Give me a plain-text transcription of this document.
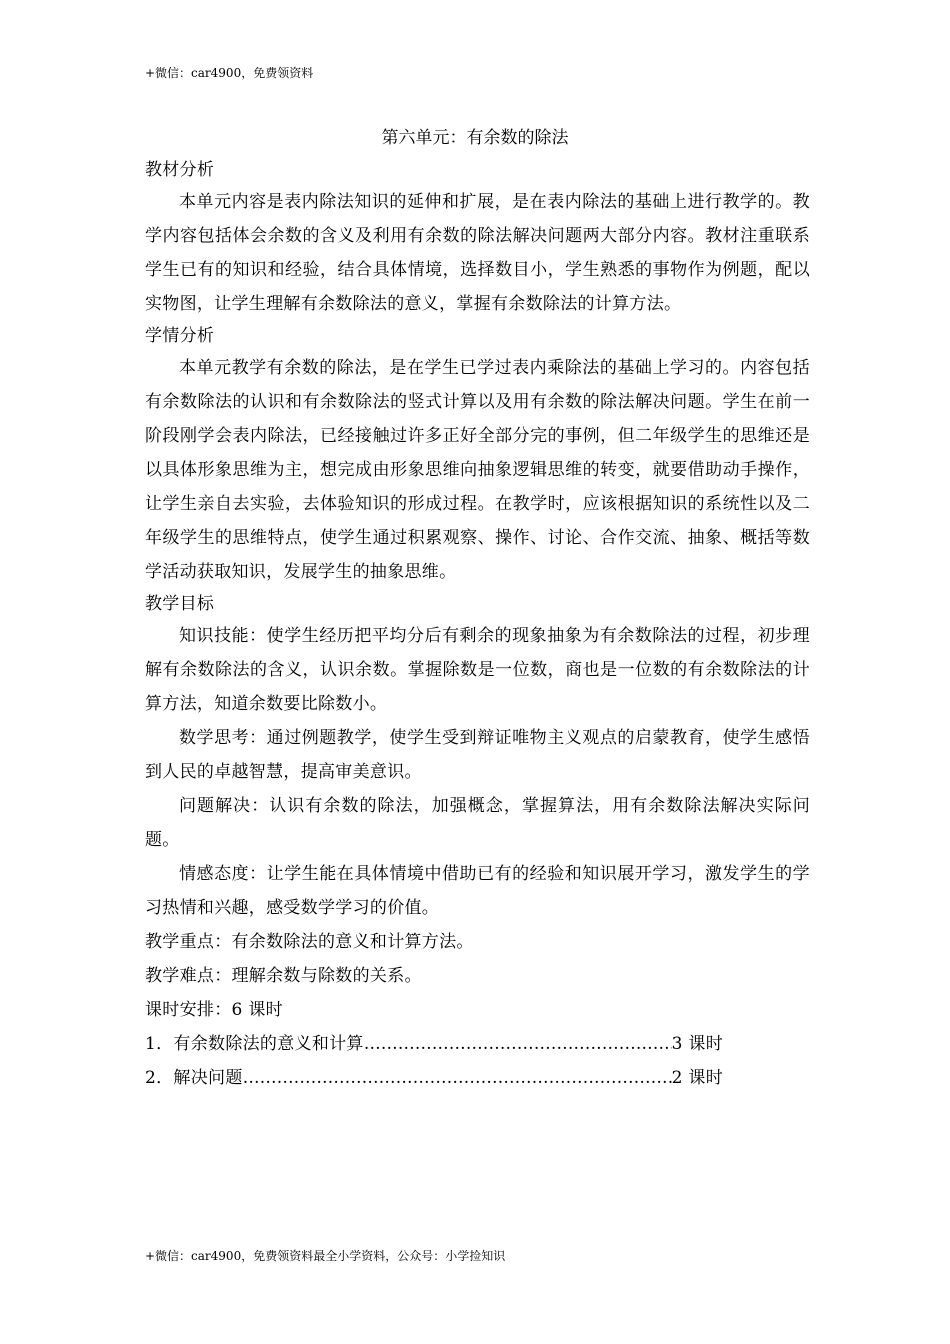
+微信：car4900，免费领资料
第六单元：有余数的除法

教材分析

本单元内容是表内除法知识的延伸和扩展，是在表内除法的基础上进行教学的。教学内容包括体会余数的含义及利用有余数的除法解决问题两大部分内容。教材注重联系学生已有的知识和经验，结合具体情境，选择数目小，学生熟悉的事物作为例题，配以实物图，让学生理解有余数除法的意义，掌握有余数除法的计算方法。

学情分析

本单元教学有余数的除法，是在学生已学过表内乘除法的基础上学习的。内容包括有余数除法的认识和有余数除法的竖式计算以及用有余数的除法解决问题。学生在前一阶段刚学会表内除法，已经接触过许多正好全部分完的事例，但二年级学生的思维还是以具体形象思维为主，想完成由形象思维向抽象逻辑思维的转变，就要借助动手操作，让学生亲自去实验，去体验知识的形成过程。在教学时，应该根据知识的系统性以及二年级学生的思维特点，使学生通过积累观察、操作、讨论、合作交流、抽象、概括等数学活动获取知识，发展学生的抽象思维。

教学目标

知识技能：使学生经历把平均分后有剩余的现象抽象为有余数除法的过程，初步理解有余数除法的含义，认识余数。掌握除数是一位数，商也是一位数的有余数除法的计算方法，知道余数要比除数小。

数学思考：通过例题教学，使学生受到辩证唯物主义观点的启蒙教育，使学生感悟到人民的卓越智慧，提高审美意识。

问题解决：认识有余数的除法，加强概念，掌握算法，用有余数除法解决实际问题。

情感态度：让学生能在具体情境中借助已有的经验和知识展开学习，激发学生的学习热情和兴趣，感受数学学习的价值。

教学重点：有余数除法的意义和计算方法。

教学难点：理解余数与除数的关系。

课时安排：6 课时

1．有余数除法的意义和计算 ……………………………………………………………………………………………………………	3 课时
2．解决问题 ……………………………………………………………………………………………………………	2 课时
+微信：car4900，免费领资料最全小学资料，公众号：小学捡知识
